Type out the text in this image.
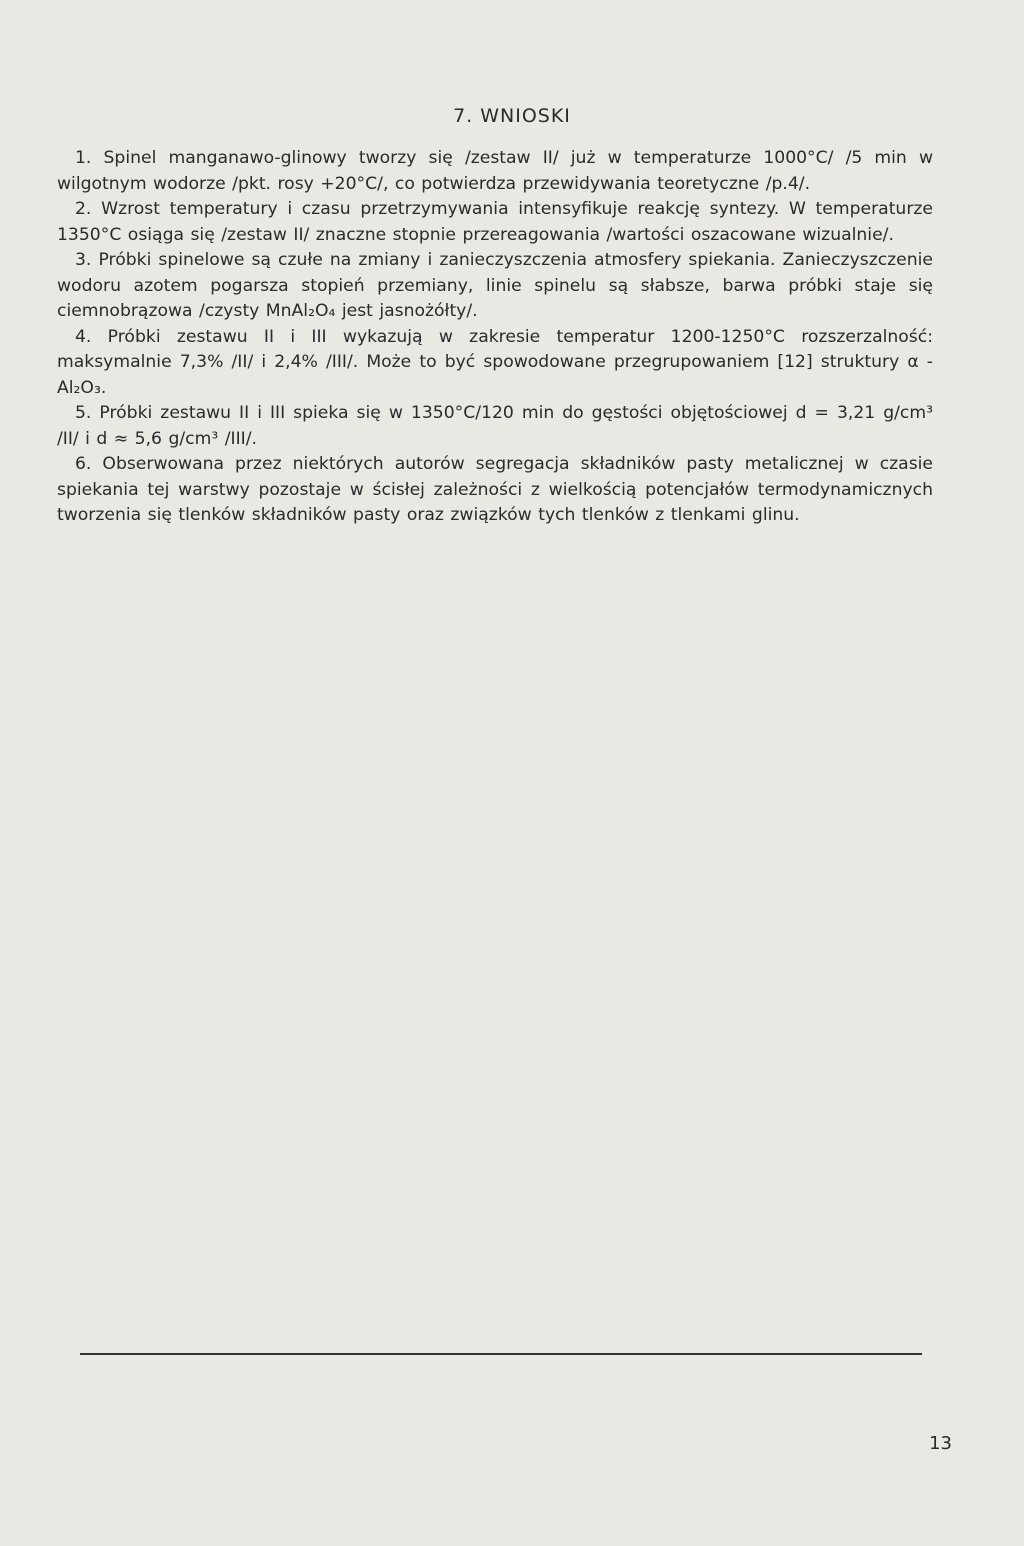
7. WNIOSKI

1. Spinel manganawo-glinowy tworzy się /zestaw II/ już w temperaturze 1000°C/ /5 min w wilgotnym wodorze /pkt. rosy +20°C/, co potwierdza przewidywania teoretyczne /p.4/.

2. Wzrost temperatury i czasu przetrzymywania intensyfikuje reakcję syntezy. W temperaturze 1350°C osiąga się /zestaw II/ znaczne stopnie przereagowania /wartości oszacowane wizualnie/.

3. Próbki spinelowe są czułe na zmiany i zanieczyszczenia atmosfery spiekania. Zanieczyszczenie wodoru azotem pogarsza stopień przemiany, linie spinelu są słabsze, barwa próbki staje się ciemnobrązowa /czysty MnAl₂O₄ jest jasnożółty/.

4. Próbki zestawu II i III wykazują w zakresie temperatur 1200-1250°C rozszerzalność: maksymalnie 7,3% /II/ i 2,4% /III/. Może to być spowodowane przegrupowaniem [12] struktury α - Al₂O₃.

5. Próbki zestawu II i III spieka się w 1350°C/120 min do gęstości objętościowej d = 3,21 g/cm³ /II/ i d ≈ 5,6 g/cm³ /III/.

6. Obserwowana przez niektórych autorów segregacja składników pasty metalicznej w czasie spiekania tej warstwy pozostaje w ścisłej zależności z wielkością potencjałów termodynamicznych tworzenia się tlenków składników pasty oraz związków tych tlenków z tlenkami glinu.

13
